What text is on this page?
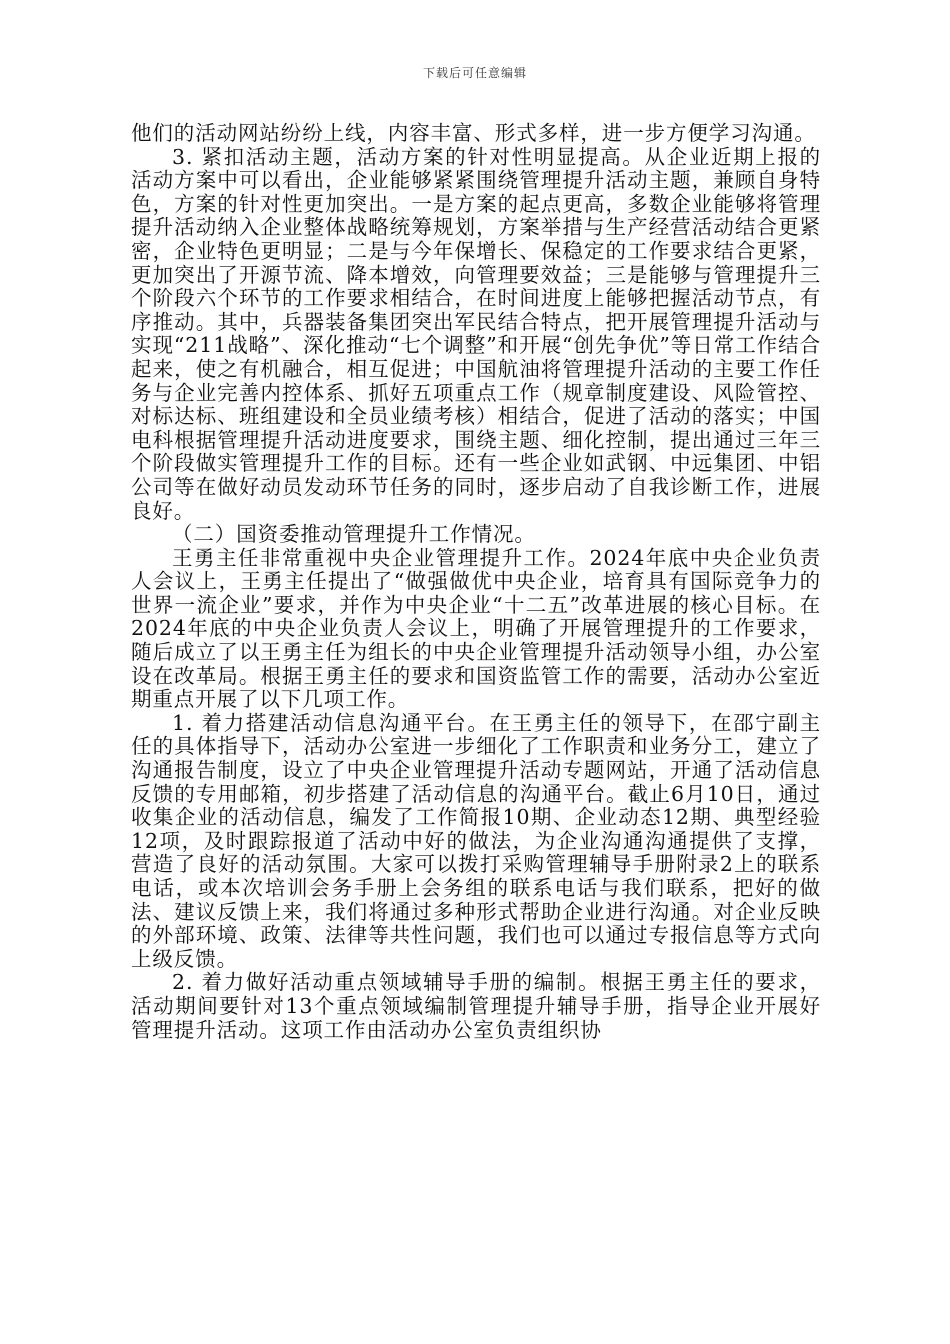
下载后可任意编辑

他们的活动网站纷纷上线，内容丰富、形式多样，进一步方便学习沟通。

3. 紧扣活动主题，活动方案的针对性明显提高。从企业近期上报的活动方案中可以看出，企业能够紧紧围绕管理提升活动主题，兼顾自身特色，方案的针对性更加突出。一是方案的起点更高，多数企业能够将管理提升活动纳入企业整体战略统筹规划，方案举措与生产经营活动结合更紧密，企业特色更明显；二是与今年保增长、保稳定的工作要求结合更紧，更加突出了开源节流、降本增效，向管理要效益；三是能够与管理提升三个阶段六个环节的工作要求相结合，在时间进度上能够把握活动节点，有序推动。其中，兵器装备集团突出军民结合特点，把开展管理提升活动与实现“211战略”、深化推动“七个调整”和开展“创先争优”等日常工作结合起来，使之有机融合，相互促进；中国航油将管理提升活动的主要工作任务与企业完善内控体系、抓好五项重点工作（规章制度建设、风险管控、对标达标、班组建设和全员业绩考核）相结合，促进了活动的落实；中国电科根据管理提升活动进度要求，围绕主题、细化控制，提出通过三年三个阶段做实管理提升工作的目标。还有一些企业如武钢、中远集团、中铝公司等在做好动员发动环节任务的同时，逐步启动了自我诊断工作，进展良好。

（二）国资委推动管理提升工作情况。

王勇主任非常重视中央企业管理提升工作。2024年底中央企业负责人会议上，王勇主任提出了“做强做优中央企业，培育具有国际竞争力的世界一流企业”要求，并作为中央企业“十二五”改革进展的核心目标。在2024年底的中央企业负责人会议上，明确了开展管理提升的工作要求，随后成立了以王勇主任为组长的中央企业管理提升活动领导小组，办公室设在改革局。根据王勇主任的要求和国资监管工作的需要，活动办公室近期重点开展了以下几项工作。

1. 着力搭建活动信息沟通平台。在王勇主任的领导下，在邵宁副主任的具体指导下，活动办公室进一步细化了工作职责和业务分工，建立了沟通报告制度，设立了中央企业管理提升活动专题网站，开通了活动信息反馈的专用邮箱，初步搭建了活动信息的沟通平台。截止6月10日，通过收集企业的活动信息，编发了工作简报10期、企业动态12期、典型经验12项，及时跟踪报道了活动中好的做法，为企业沟通沟通提供了支撑，营造了良好的活动氛围。大家可以拨打采购管理辅导手册附录2上的联系电话，或本次培训会务手册上会务组的联系电话与我们联系，把好的做法、建议反馈上来，我们将通过多种形式帮助企业进行沟通。对企业反映的外部环境、政策、法律等共性问题，我们也可以通过专报信息等方式向上级反馈。

2. 着力做好活动重点领域辅导手册的编制。根据王勇主任的要求，活动期间要针对13个重点领域编制管理提升辅导手册，指导企业开展好管理提升活动。这项工作由活动办公室负责组织协
